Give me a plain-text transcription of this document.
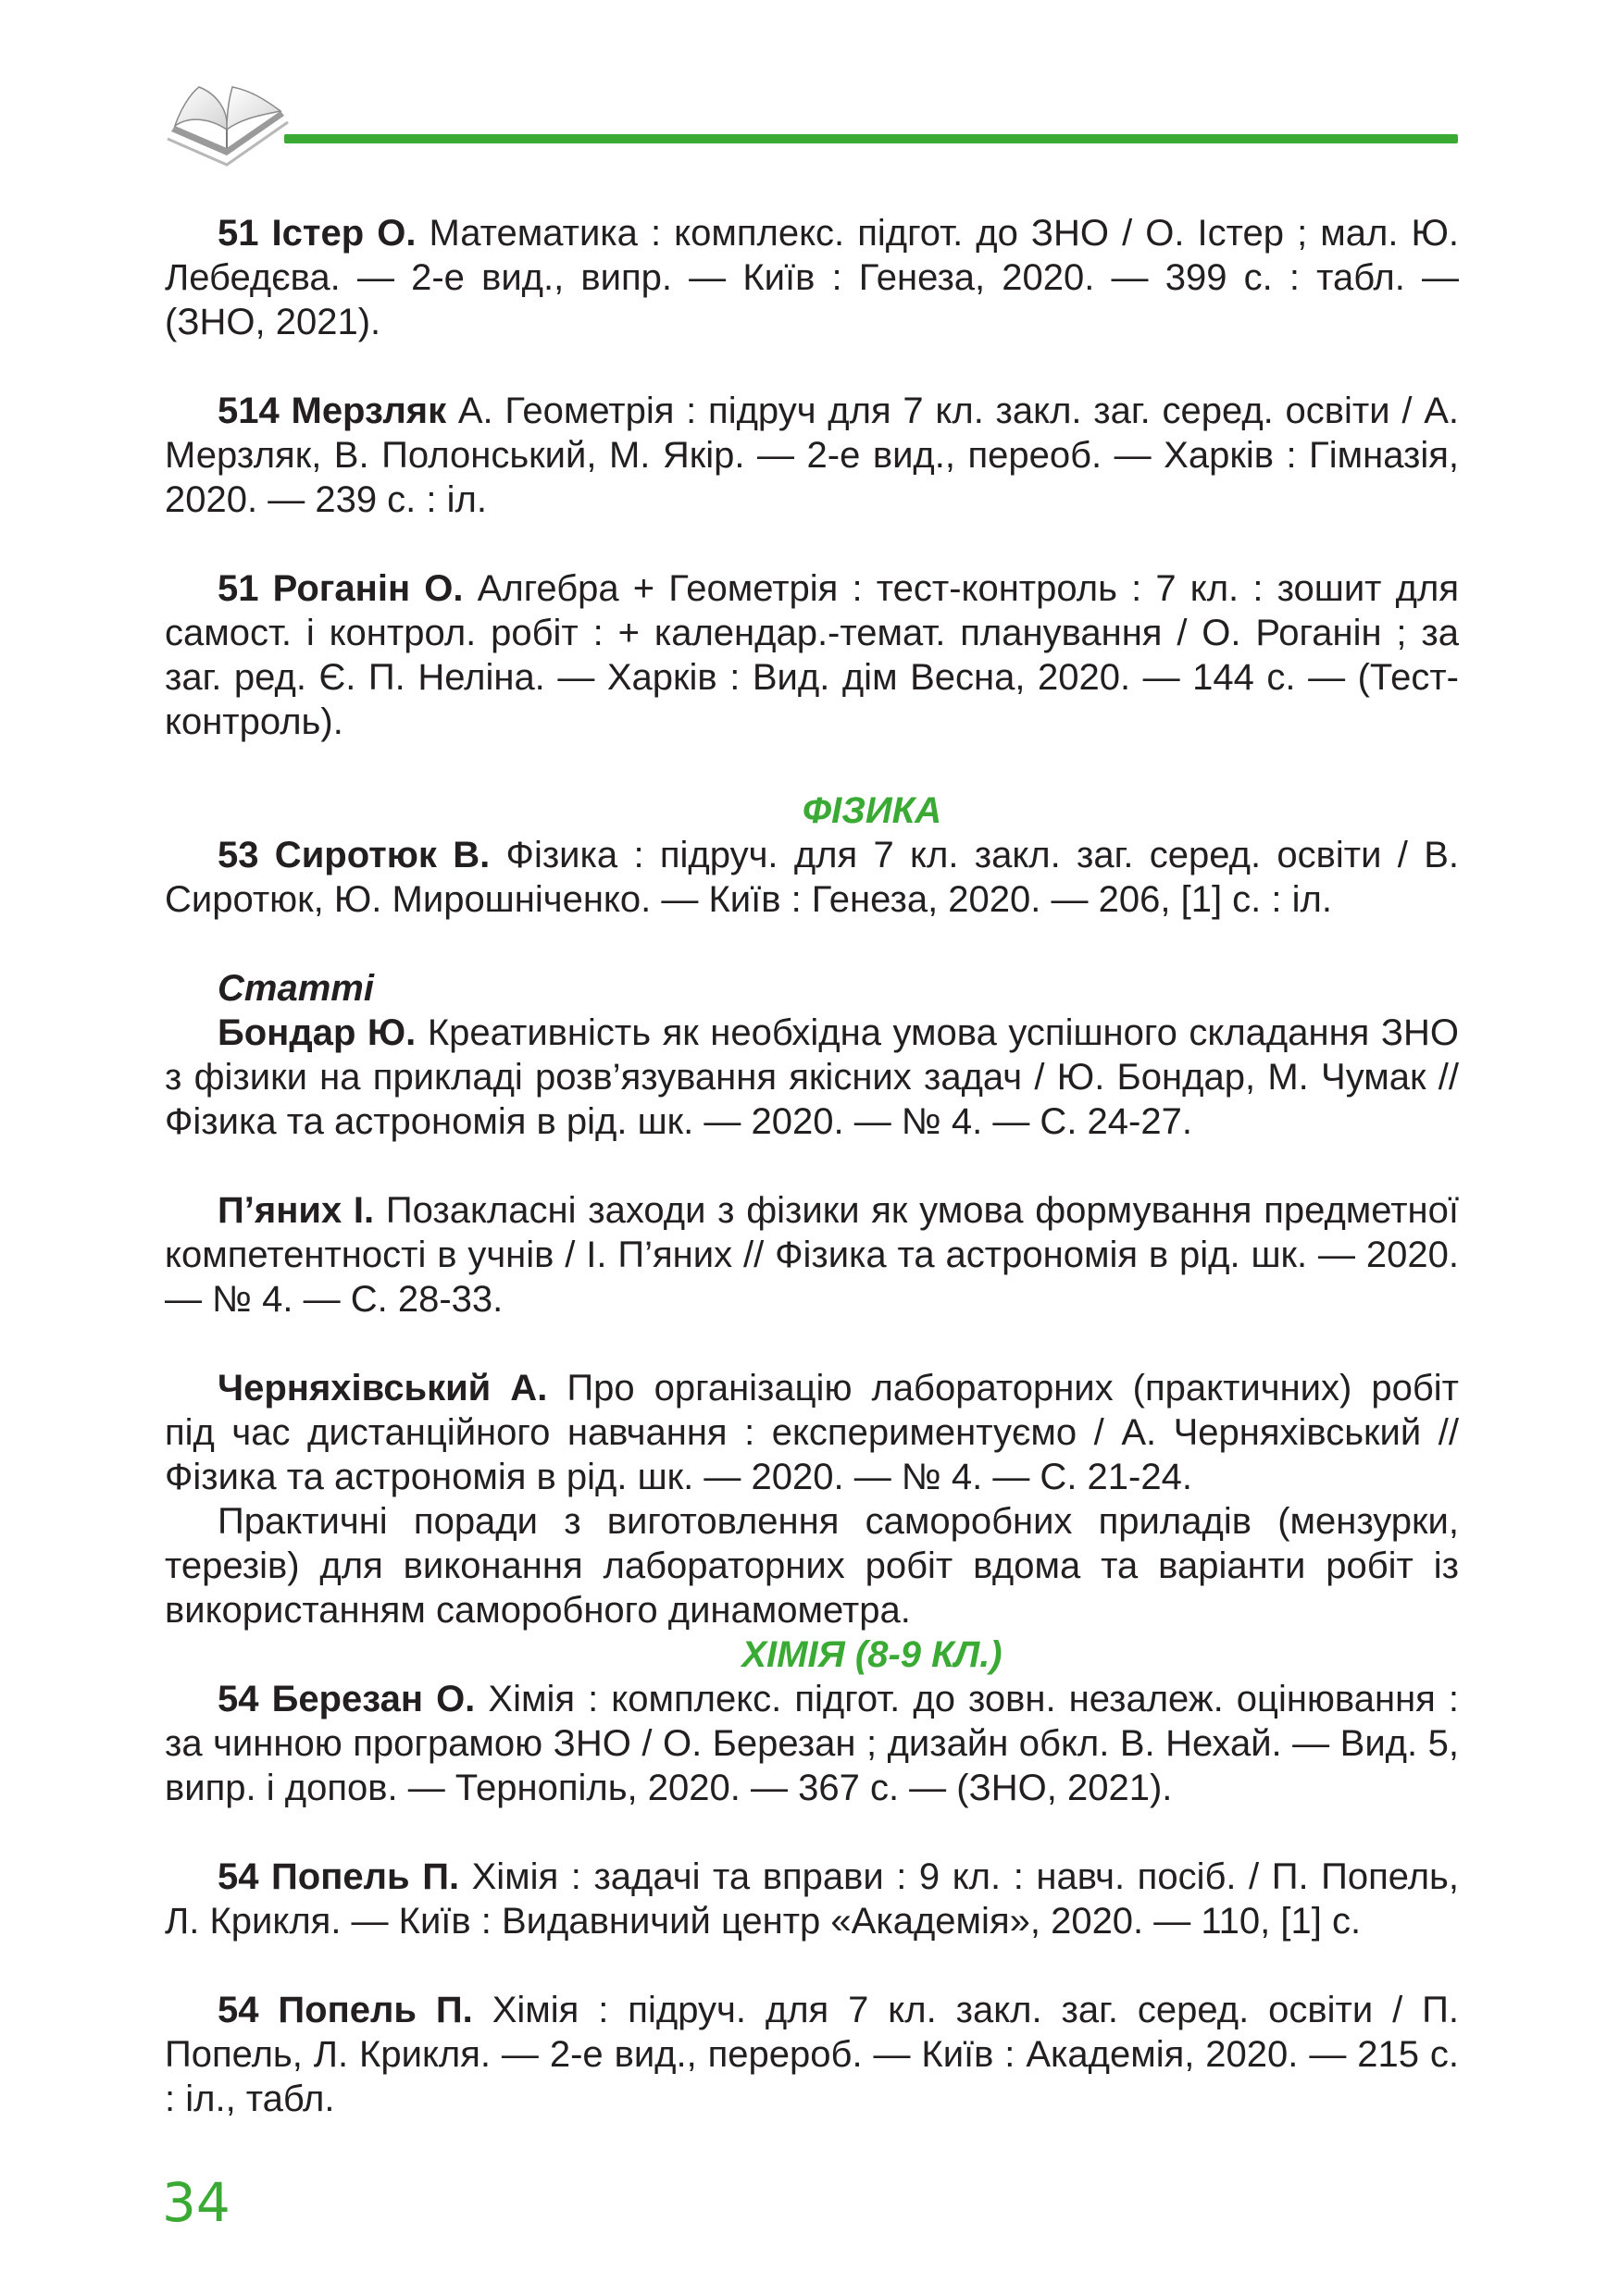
51 Істер О. Математика : комплекс. підгот. до ЗНО / О. Істер ; мал. Ю. Лебедєва. — 2-е вид., випр. — Київ : Генеза, 2020. — 399 с. : табл. — (ЗНО, 2021).

514 Мерзляк А. Геометрія : підруч для 7 кл. закл. заг. серед. освіти / А. Мерзляк, В. Полонський, М. Якір. — 2-е вид., переоб. — Харків : Гімназія, 2020. — 239 с. : іл.

51 Роганін О. Алгебра + Геометрія : тест-контроль : 7 кл. : зошит для самост. і контрол. робіт : + календар.-темат. планування / О. Роганін ; за заг. ред. Є. П. Неліна. — Харків : Вид. дім Весна, 2020. — 144 с. — (Тест-контроль).

ФІЗИКА

53 Сиротюк В. Фізика : підруч. для 7 кл. закл. заг. серед. освіти / В. Сиротюк, Ю. Мирошніченко. — Київ : Генеза, 2020. — 206, [1] с. : іл.

Статті

Бондар Ю. Креативність як необхідна умова успішного складання ЗНО з фізики на прикладі розв’язування якісних задач / Ю. Бондар, М. Чумак // Фізика та астрономія в рід. шк. — 2020. — № 4. — С. 24-27.

П’яних І. Позакласні заходи з фізики як умова формування предметної компетентності в учнів / І. П’яних // Фізика та астрономія в рід. шк. — 2020. — № 4. — С. 28-33.

Черняхівський А. Про організацію лабораторних (практичних) робіт під час дистанційного навчання : експериментуємо / А. Черняхівський // Фізика та астрономія в рід. шк. — 2020. — № 4. — С. 21-24.

Практичні поради з виготовлення саморобних приладів (мензурки, терезів) для виконання лабораторних робіт вдома та варіанти робіт із використанням саморобного динамометра.

ХІМІЯ (8-9 КЛ.)

54 Березан О. Хімія : комплекс. підгот. до зовн. незалеж. оцінювання : за чинною програмою ЗНО / О. Березан ; дизайн обкл. В. Нехай. — Вид. 5, випр. і допов. — Тернопіль, 2020. — 367 с. — (ЗНО, 2021).

54 Попель П. Хімія : задачі та вправи : 9 кл. : навч. посіб. / П. Попель, Л. Крикля. — Київ : Видавничий центр «Академія», 2020. — 110, [1] с.

54 Попель П. Хімія : підруч. для 7 кл. закл. заг. серед. освіти / П. Попель, Л. Крикля. — 2-е вид., перероб. — Київ : Академія, 2020. — 215 с. : іл., табл.

34
